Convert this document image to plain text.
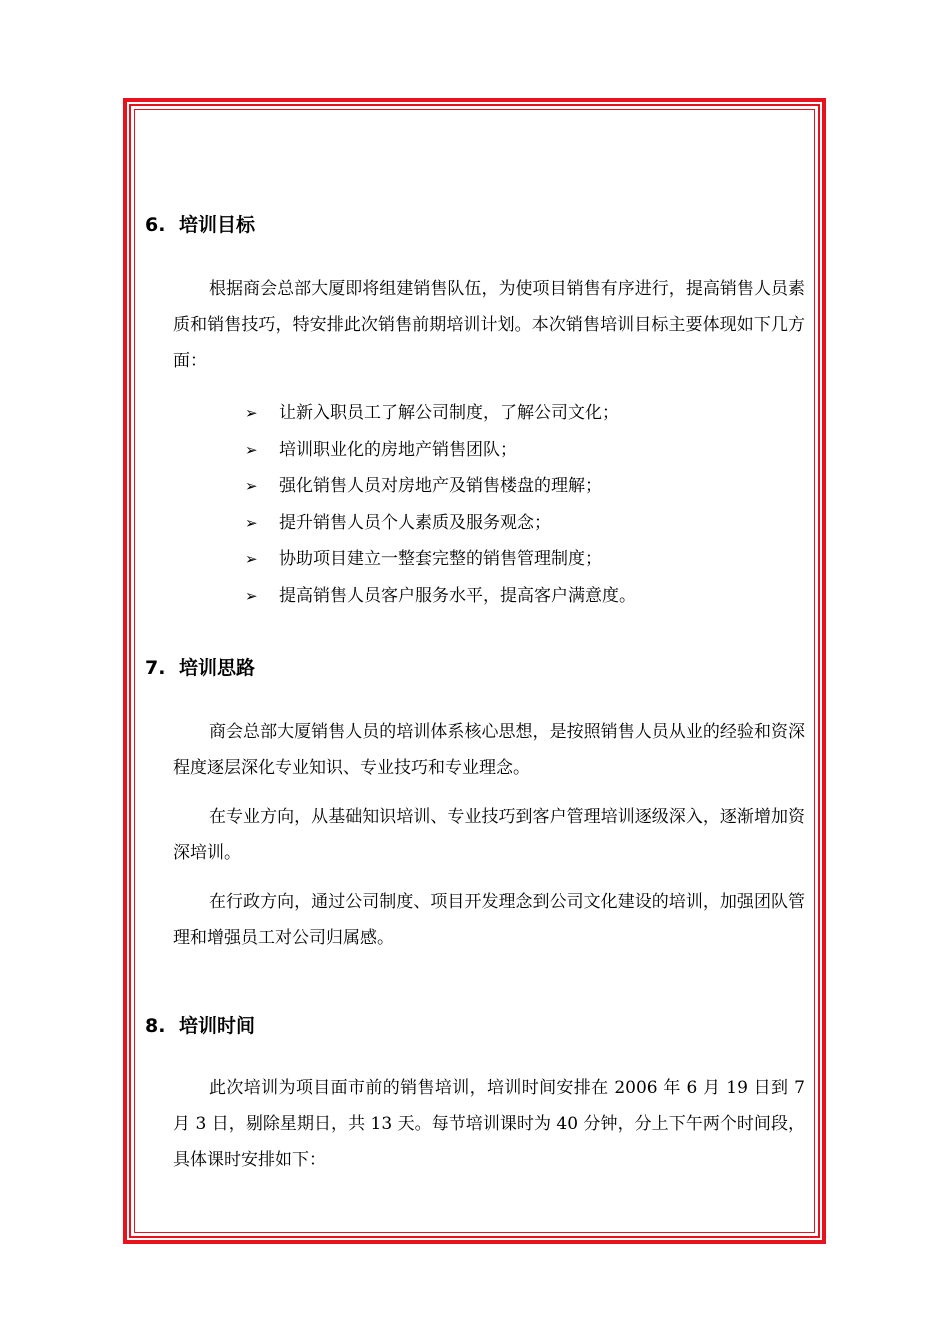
6. 培训目标

根据商会总部大厦即将组建销售队伍，为使项目销售有序进行，提高销售人员素质和销售技巧，特安排此次销售前期培训计划。本次销售培训目标主要体现如下几方面：

➢ 让新入职员工了解公司制度，了解公司文化；
➢ 培训职业化的房地产销售团队；
➢ 强化销售人员对房地产及销售楼盘的理解；
➢ 提升销售人员个人素质及服务观念；
➢ 协助项目建立一整套完整的销售管理制度；
➢ 提高销售人员客户服务水平，提高客户满意度。
7. 培训思路

商会总部大厦销售人员的培训体系核心思想，是按照销售人员从业的经验和资深程度逐层深化专业知识、专业技巧和专业理念。

在专业方向，从基础知识培训、专业技巧到客户管理培训逐级深入，逐渐增加资深培训。

在行政方向，通过公司制度、项目开发理念到公司文化建设的培训，加强团队管理和增强员工对公司归属感。

8. 培训时间

此次培训为项目面市前的销售培训，培训时间安排在 2006 年 6 月 19 日到 7 月 3 日，剔除星期日，共 13 天。每节培训课时为 40 分钟，分上下午两个时间段，具体课时安排如下：
